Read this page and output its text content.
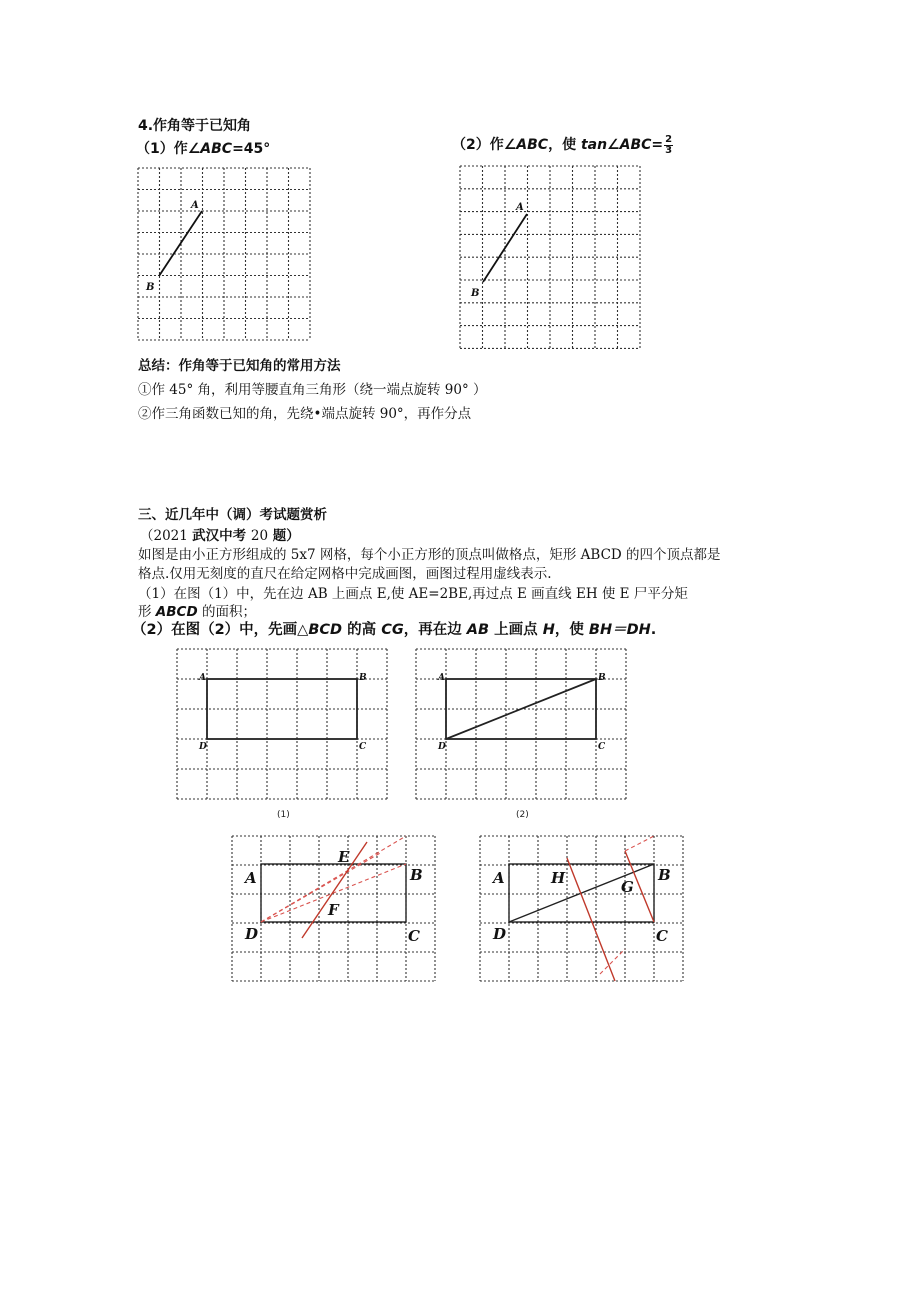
4.作角等于已知角
（1）作∠ABC=45°	（2）作∠ABC，使 tan∠ABC= $\frac{2}{3}$
A
B
A
B
总结：作角等于已知角的常用方法
①作 45° 角，利用等腰直角三角形（绕一端点旋转 90° ）
②作三角函数已知的角，先绕•端点旋转 90°，再作分点
三、近几年中（调）考试题赏析
（2021 武汉中考 20 题）
如图是由小正方形组成的 5x7 网格，每个小正方形的顶点叫做格点，矩形 ABCD 的四个顶点都是
格点.仅用无刻度的直尺在给定网格中完成画图，画图过程用虚线表示.
（1）在图（1）中，先在边 AB 上画点 E,使 AE=2BE,再过点 E 画直线 EH 使 E 尸平分矩
形 ABCD 的面积；
（2）在图（2）中，先画△BCD 的高 CG，再在边 AB 上画点 H，使 BH＝DH.
A	B
C
D
(1)
A	B
C
D
(2)
A	B
C
D
E
F
A	B
C
D
H	G
